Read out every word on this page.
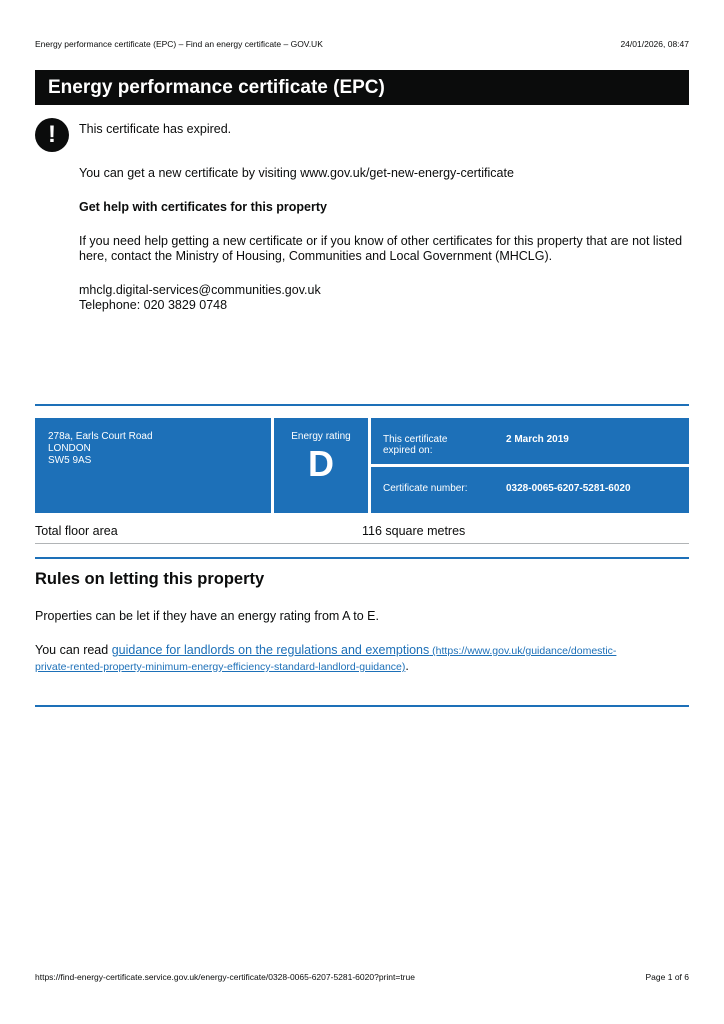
Energy performance certificate (EPC) – Find an energy certificate – GOV.UK	24/01/2026, 08:47
Energy performance certificate (EPC)
!	This certificate has expired.
You can get a new certificate by visiting www.gov.uk/get-new-energy-certificate
Get help with certificates for this property
If you need help getting a new certificate or if you know of other certificates for this property that are not listed here, contact the Ministry of Housing, Communities and Local Government (MHCLG).
mhclg.digital-services@communities.gov.uk
Telephone: 020 3829 0748
278a, Earls Court Road
LONDON
SW5 9AS
Energy rating
D
This certificate
expired on:
2 March 2019
Certificate number:	0328-0065-6207-5281-6020
Total floor area	116 square metres
Rules on letting this property
Properties can be let if they have an energy rating from A to E.
You can read guidance for landlords on the regulations and exemptions (https://www.gov.uk/guidance/domestic-
private-rented-property-minimum-energy-efficiency-standard-landlord-guidance).
https://find-energy-certificate.service.gov.uk/energy-certificate/0328-0065-6207-5281-6020?print=true	Page 1 of 6
